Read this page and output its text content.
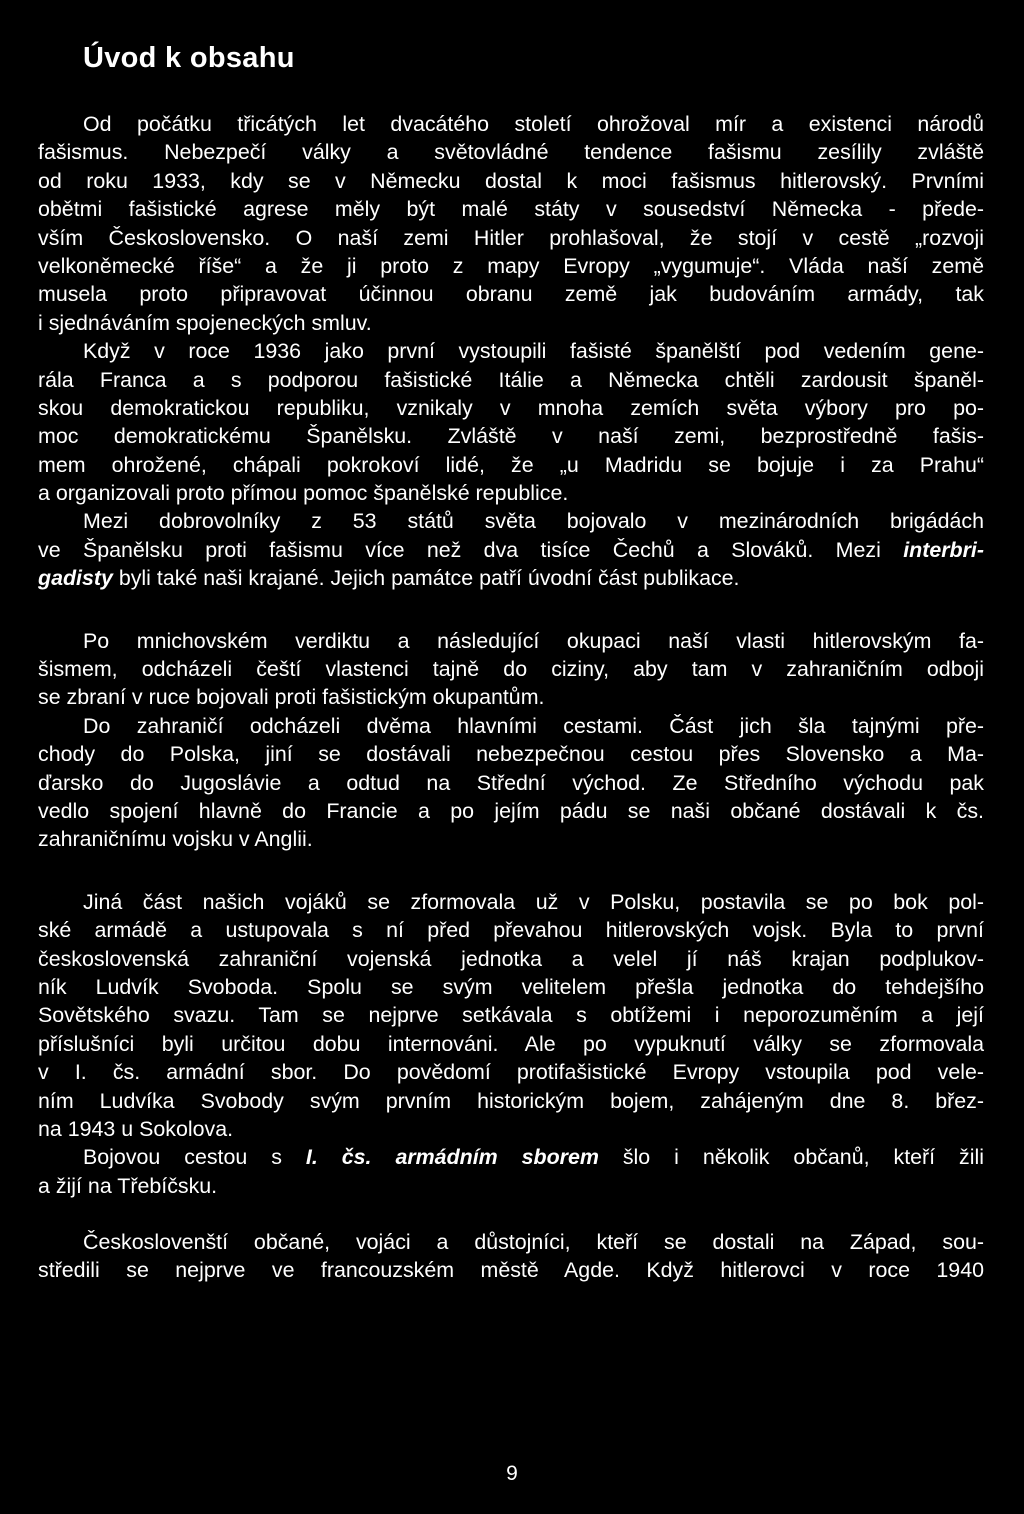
Úvod k obsahu
Od počátku třicátých let dvacátého století ohrožoval mír a existenci národů
fašismus. Nebezpečí války a světovládné tendence fašismu zesílily zvláště
od roku 1933, kdy se v Německu dostal k moci fašismus hitlerovský. Prvními
obětmi fašistické agrese měly být malé státy v sousedství Německa - přede-
vším Československo. O naší zemi Hitler prohlašoval, že stojí v cestě „rozvoji
velkoněmecké říše“ a že ji proto z mapy Evropy „vygumuje“. Vláda naší země
musela proto připravovat účinnou obranu země jak budováním armády, tak
i sjednáváním spojeneckých smluv.
Když v roce 1936 jako první vystoupili fašisté španělští pod vedením gene-
rála Franca a s podporou fašistické Itálie a Německa chtěli zardousit španěl-
skou demokratickou republiku, vznikaly v mnoha zemích světa výbory pro po-
moc demokratickému Španělsku. Zvláště v naší zemi, bezprostředně fašis-
mem ohrožené, chápali pokrokoví lidé, že „u Madridu se bojuje i za Prahu“
a organizovali proto přímou pomoc španělské republice.
Mezi dobrovolníky z 53 států světa bojovalo v mezinárodních brigádách
ve Španělsku proti fašismu více než dva tisíce Čechů a Slováků. Mezi interbri-
gadisty byli také naši krajané. Jejich památce patří úvodní část publikace.
Po mnichovském verdiktu a následující okupaci naší vlasti hitlerovským fa-
šismem, odcházeli čeští vlastenci tajně do ciziny, aby tam v zahraničním odboji
se zbraní v ruce bojovali proti fašistickým okupantům.
Do zahraničí odcházeli dvěma hlavními cestami. Část jich šla tajnými pře-
chody do Polska, jiní se dostávali nebezpečnou cestou přes Slovensko a Ma-
ďarsko do Jugoslávie a odtud na Střední východ. Ze Středního východu pak
vedlo spojení hlavně do Francie a po jejím pádu se naši občané dostávali k čs.
zahraničnímu vojsku v Anglii.
Jiná část našich vojáků se zformovala už v Polsku, postavila se po bok pol-
ské armádě a ustupovala s ní před převahou hitlerovských vojsk. Byla to první
československá zahraniční vojenská jednotka a velel jí náš krajan podplukov-
ník Ludvík Svoboda. Spolu se svým velitelem přešla jednotka do tehdejšího
Sovětského svazu. Tam se nejprve setkávala s obtížemi i neporozuměním a její
příslušníci byli určitou dobu internováni. Ale po vypuknutí války se zformovala
v I. čs. armádní sbor. Do povědomí protifašistické Evropy vstoupila pod vele-
ním Ludvíka Svobody svým prvním historickým bojem, zahájeným dne 8. břez-
na 1943 u Sokolova.
Bojovou cestou s I. čs. armádním sborem šlo i několik občanů, kteří žili
a žijí na Třebíčsku.
Českoslovenští občané, vojáci a důstojníci, kteří se dostali na Západ, sou-
středili se nejprve ve francouzském městě Agde. Když hitlerovci v roce 1940
9
